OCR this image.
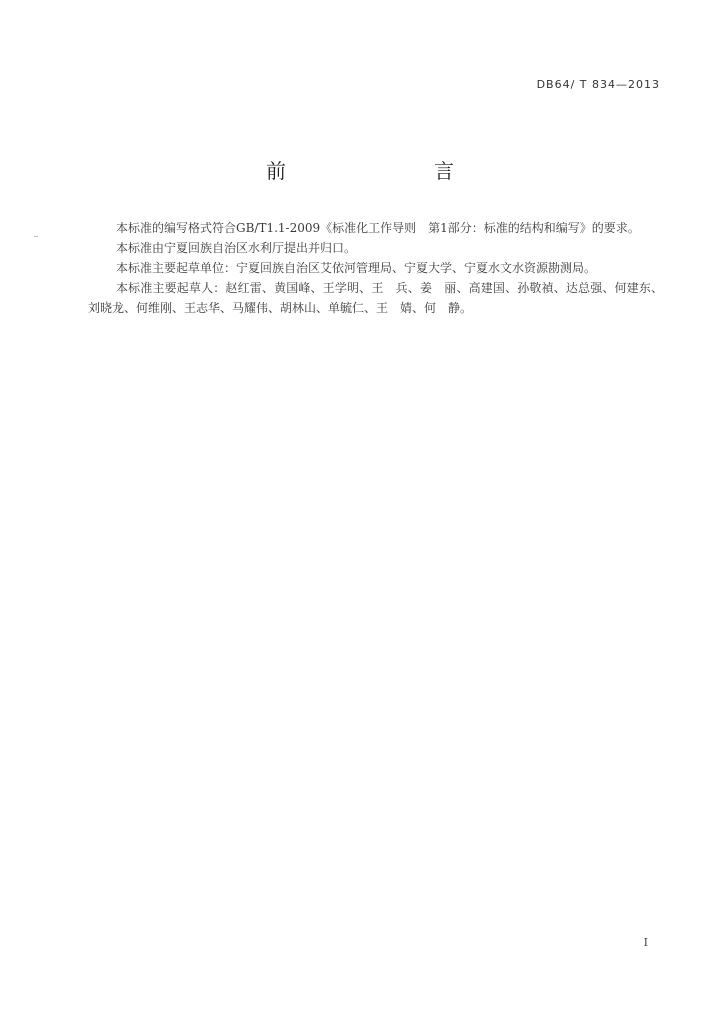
DB64/ T 834—2013
前　　言

本标准的编写格式符合GB/T1.1-2009《标准化工作导则　第1部分：标准的结构和编写》的要求。

本标准由宁夏回族自治区水利厅提出并归口。

本标准主要起草单位：宁夏回族自治区艾依河管理局、宁夏大学、宁夏水文水资源勘测局。

本标准主要起草人：赵红雷、黄国峰、王学明、王　兵、姜　丽、高建国、孙敬禎、达总强、何建东、刘晓龙、何维刚、王志华、马耀伟、胡林山、单毓仁、王　婧、何　静。

I
